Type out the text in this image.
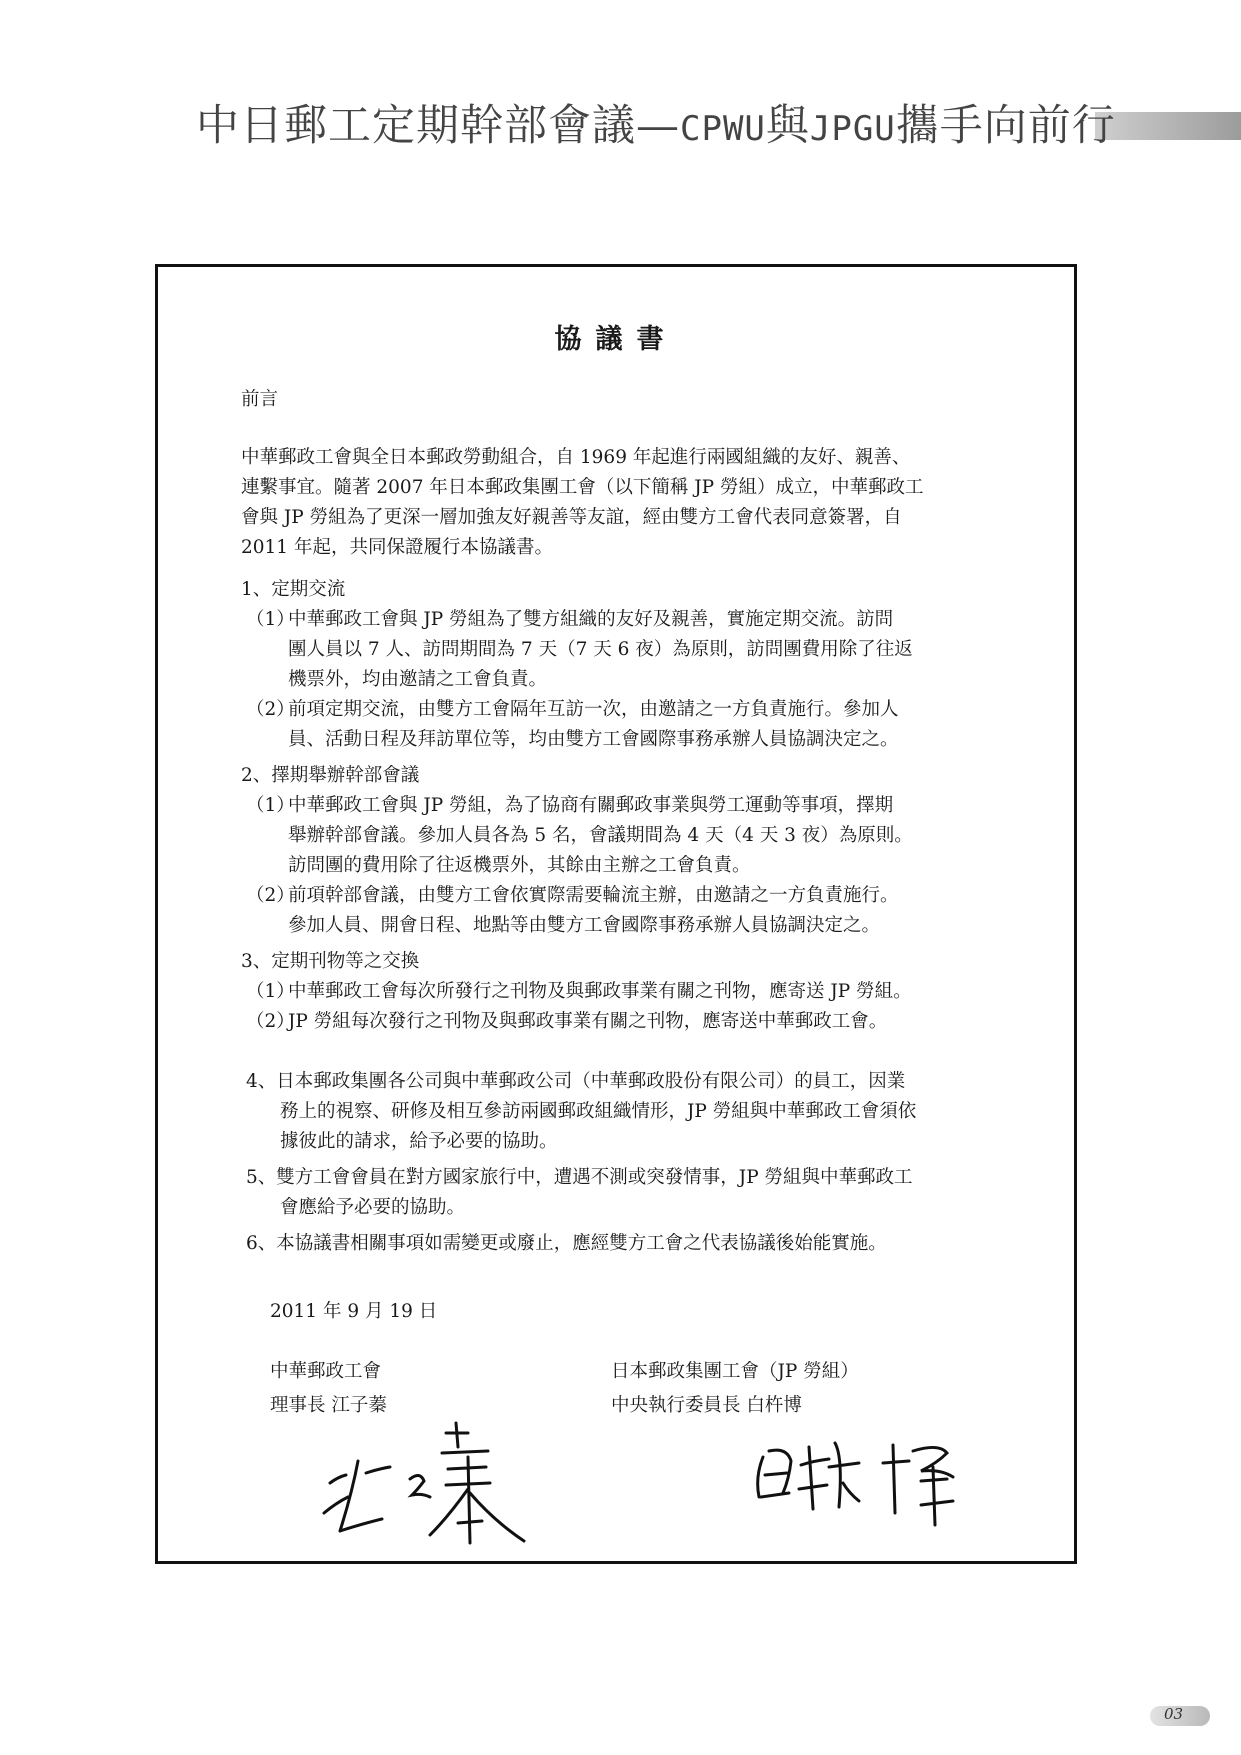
中日郵工定期幹部會議—CPWU與JPGU攜手向前行
協議書
前言
中華郵政工會與全日本郵政勞動組合，自 1969 年起進行兩國組織的友好、親善、
連繫事宜。隨著 2007 年日本郵政集團工會（以下簡稱 JP 勞組）成立，中華郵政工
會與 JP 勞組為了更深一層加強友好親善等友誼，經由雙方工會代表同意簽署，自
2011 年起，共同保證履行本協議書。
1、定期交流
（1）中華郵政工會與 JP 勞組為了雙方組織的友好及親善，實施定期交流。訪問
團人員以 7 人、訪問期間為 7 天（7 天 6 夜）為原則，訪問團費用除了往返
機票外，均由邀請之工會負責。
（2）前項定期交流，由雙方工會隔年互訪一次，由邀請之一方負責施行。參加人
員、活動日程及拜訪單位等，均由雙方工會國際事務承辦人員協調決定之。
2、擇期舉辦幹部會議
（1）中華郵政工會與 JP 勞組，為了協商有關郵政事業與勞工運動等事項，擇期
舉辦幹部會議。參加人員各為 5 名，會議期間為 4 天（4 天 3 夜）為原則。
訪問團的費用除了往返機票外，其餘由主辦之工會負責。
（2）前項幹部會議，由雙方工會依實際需要輪流主辦，由邀請之一方負責施行。
參加人員、開會日程、地點等由雙方工會國際事務承辦人員協調決定之。
3、定期刊物等之交換
（1）中華郵政工會每次所發行之刊物及與郵政事業有關之刊物，應寄送 JP 勞組。
（2）JP 勞組每次發行之刊物及與郵政事業有關之刊物，應寄送中華郵政工會。
4、日本郵政集團各公司與中華郵政公司（中華郵政股份有限公司）的員工，因業
務上的視察、研修及相互參訪兩國郵政組織情形，JP 勞組與中華郵政工會須依
據彼此的請求，給予必要的協助。
5、雙方工會會員在對方國家旅行中，遭遇不測或突發情事，JP 勞組與中華郵政工
會應給予必要的協助。
6、本協議書相關事項如需變更或廢止，應經雙方工會之代表協議後始能實施。
2011 年 9 月 19 日
中華郵政工會
理事長 江子蓁
日本郵政集團工會（JP 勞組）
中央執行委員長 白杵博
03
